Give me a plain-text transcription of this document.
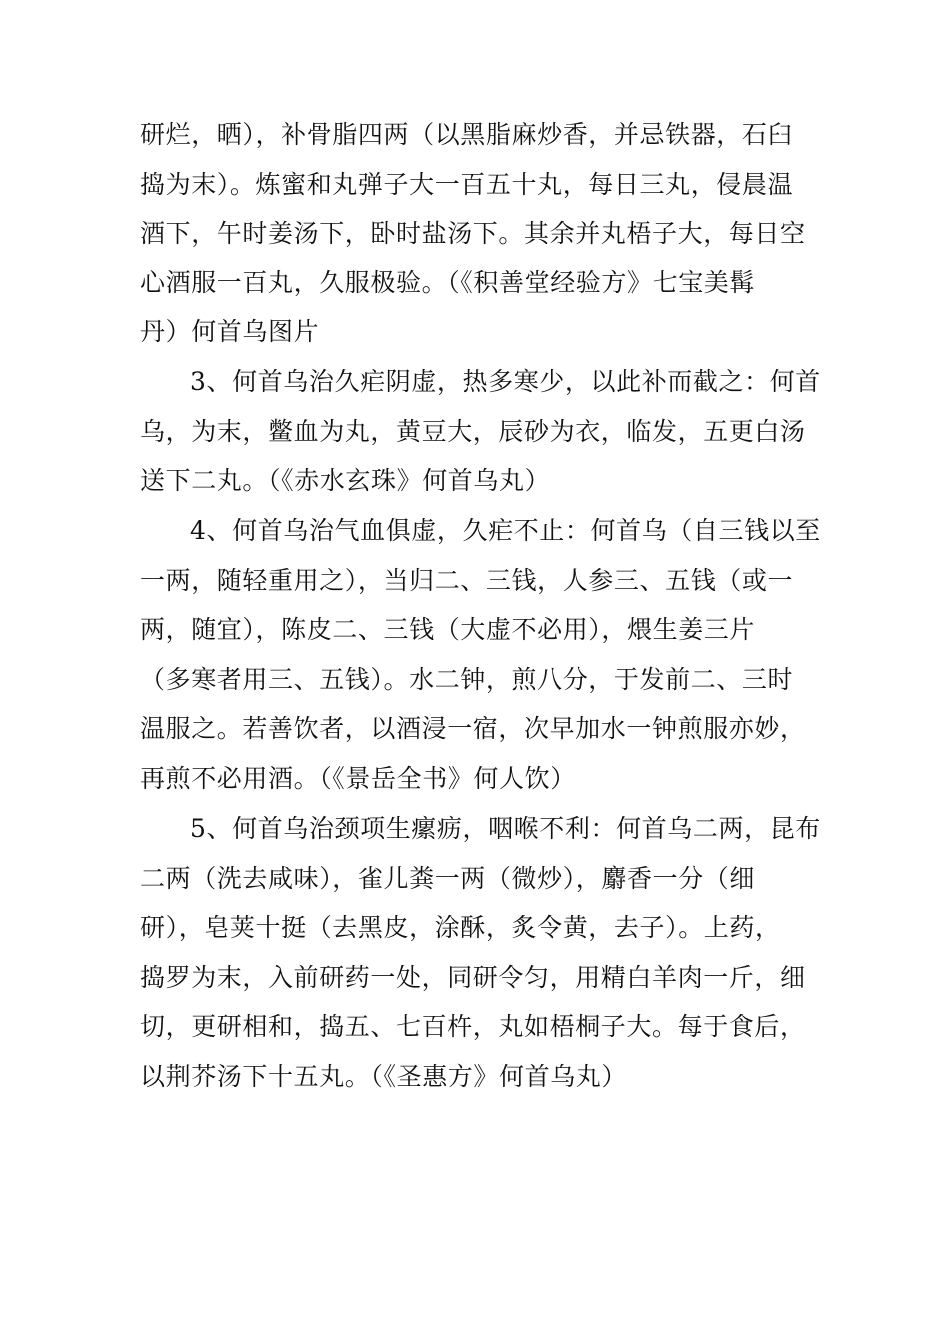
研烂，晒），补骨脂四两（以黑脂麻炒香，并忌铁器，石臼
捣为末）。炼蜜和丸弹子大一百五十丸，每日三丸，侵晨温
酒下，午时姜汤下，卧时盐汤下。其余并丸梧子大，每日空
心酒服一百丸，久服极验。（《积善堂经验方》七宝美髯
丹）何首乌图片
3、何首乌治久疟阴虚，热多寒少，以此补而截之：何首
乌，为末，鳖血为丸，黄豆大，辰砂为衣，临发，五更白汤
送下二丸。（《赤水玄珠》何首乌丸）
4、何首乌治气血俱虚，久疟不止：何首乌（自三钱以至
一两，随轻重用之），当归二、三钱，人参三、五钱（或一
两，随宜），陈皮二、三钱（大虚不必用），煨生姜三片
（多寒者用三、五钱）。水二钟，煎八分，于发前二、三时
温服之。若善饮者，以酒浸一宿，次早加水一钟煎服亦妙，
再煎不必用酒。（《景岳全书》何人饮）
5、何首乌治颈项生瘰疬，咽喉不利：何首乌二两，昆布
二两（洗去咸味），雀儿粪一两（微炒），麝香一分（细
研），皂荚十挺（去黑皮，涂酥，炙令黄，去子）。上药，
捣罗为末，入前研药一处，同研令匀，用精白羊肉一斤，细
切，更研相和，捣五、七百杵，丸如梧桐子大。每于食后，
以荆芥汤下十五丸。（《圣惠方》何首乌丸）
